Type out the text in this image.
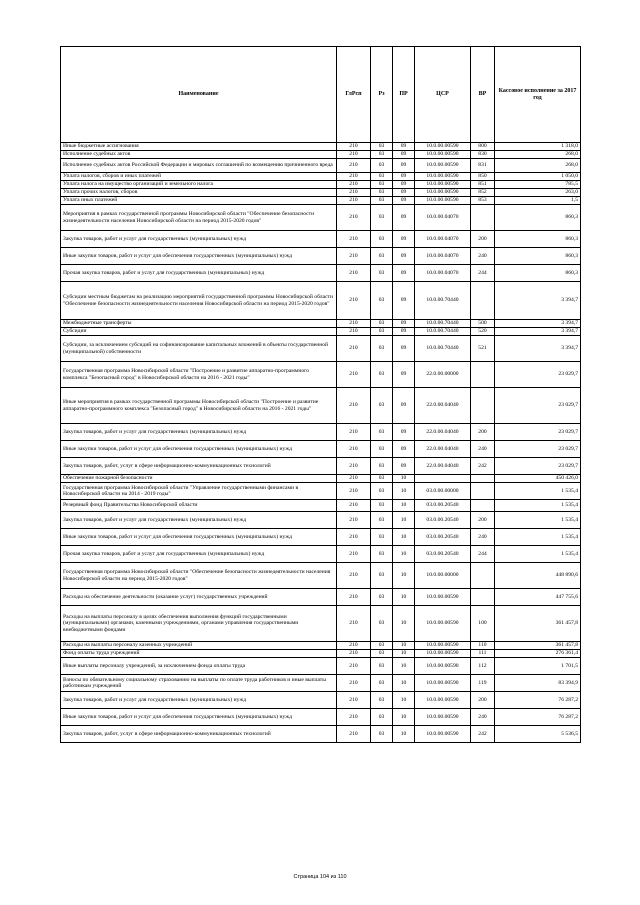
Наименование	ГлРсп	Рз	ПР	ЦСР	ВР	Кассовое исполнение за 2017 год
Иные бюджетные ассигнования	210	03	09	10.0.00.00590	800	1 318,0
Исполнение судебных актов	210	03	09	10.0.00.00590	830	268,0
Исполнение судебных актов Российской Федерации и мировых соглашений по возмещению причиненного вреда	210	03	09	10.0.00.00590	831	268,0
Уплата налогов, сборов и иных платежей	210	03	09	10.0.00.00590	850	1 050,0
Уплата налога на имущество организаций и земельного налога	210	03	09	10.0.00.00590	851	785,5
Уплата прочих налогов, сборов	210	03	09	10.0.00.00590	852	263,0
Уплата иных платежей	210	03	09	10.0.00.00590	853	1,5
Мероприятия в рамках государственной программы Новосибирской области "Обеспечение безопасности жизнедеятельности населения Новосибирской области на период 2015-2020 годов"	210	03	09	10.0.00.04070		860,3
Закупка товаров, работ и услуг для государственных (муниципальных) нужд	210	03	09	10.0.00.04070	200	860,3
Иные закупки товаров, работ и услуг для обеспечения государственных (муниципальных) нужд	210	03	09	10.0.00.04070	240	860,3
Прочая закупка товаров, работ и услуг для государственных (муниципальных) нужд	210	03	09	10.0.00.04070	244	860,3
Субсидии местным бюджетам на реализацию мероприятий государственной программы Новосибирской области "Обеспечение безопасности жизнедеятельности населения Новосибирской области на период 2015-2020 годов"	210	03	09	10.0.00.70440		3 394,7
Межбюджетные трансферты	210	03	09	10.0.00.70440	500	3 394,7
Субсидии	210	03	09	10.0.00.70440	520	3 394,7
Субсидии, за исключением субсидий на софинансирование капитальных вложений в объекты государственной (муниципальной) собственности	210	03	09	10.0.00.70440	521	3 394,7
Государственная программа Новосибирской области "Построение и развитие аппаратно-программного комплекса "Безопасный город" в Новосибирской области на 2016 - 2021 годы"	210	03	09	22.0.00.00000		23 029,7
Иные мероприятия в рамках государственной программы Новосибирской области "Построение и развитие аппаратно-программного комплекса "Безопасный город" в Новосибирской области на 2016 - 2021 годы"	210	03	09	22.0.00.04040		23 029,7
Закупка товаров, работ и услуг для государственных (муниципальных) нужд	210	03	09	22.0.00.04040	200	23 029,7
Иные закупки товаров, работ и услуг для обеспечения государственных (муниципальных) нужд	210	03	09	22.0.00.04040	240	23 029,7
Закупка товаров, работ, услуг в сфере информационно-коммуникационных технологий	210	03	09	22.0.00.04040	242	23 029,7
Обеспечение пожарной безопасности	210	03	10			450 426,0
Государственная программа Новосибирской области "Управление государственными финансами в Новосибирской области на 2014 - 2019 годы"	210	03	10	03.0.00.00000		1 535,4
Резервный фонд Правительства Новосибирской области	210	03	10	03.0.00.20540		1 535,4
Закупка товаров, работ и услуг для государственных (муниципальных) нужд	210	03	10	03.0.00.20540	200	1 535,4
Иные закупки товаров, работ и услуг для обеспечения государственных (муниципальных) нужд	210	03	10	03.0.00.20540	240	1 535,4
Прочая закупка товаров, работ и услуг для государственных (муниципальных) нужд	210	03	10	03.0.00.20540	244	1 535,4
Государственная программа Новосибирской области "Обеспечение безопасности жизнедеятельности населения Новосибирской области на период 2015-2020 годов"	210	03	10	10.0.00.00000		448 890,6
Расходы на обеспечение деятельности (оказание услуг) государственных учреждений	210	03	10	10.0.00.00590		447 755,6
Расходы на выплаты персоналу в целях обеспечения выполнения функций государственными (муниципальными) органами, казенными учреждениями, органами управления государственными внебюджетными фондами	210	03	10	10.0.00.00590	100	361 457,8
Расходы на выплаты персоналу казенных учреждений	210	03	10	10.0.00.00590	110	361 457,8
Фонд оплаты труда учреждений	210	03	10	10.0.00.00590	111	276 361,4
Иные выплаты персоналу учреждений, за исключением фонда оплаты труда	210	03	10	10.0.00.00590	112	1 701,5
Взносы по обязательному социальному страхованию на выплаты по оплате труда работников и иные выплаты работникам учреждений	210	03	10	10.0.00.00590	119	83 394,9
Закупка товаров, работ и услуг для государственных (муниципальных) нужд	210	03	10	10.0.00.00590	200	76 287,2
Иные закупки товаров, работ и услуг для обеспечения государственных (муниципальных) нужд	210	03	10	10.0.00.00590	240	76 287,2
Закупка товаров, работ, услуг в сфере информационно-коммуникационных технологий	210	03	10	10.0.00.00590	242	5 536,5
Страница 104 из 110
